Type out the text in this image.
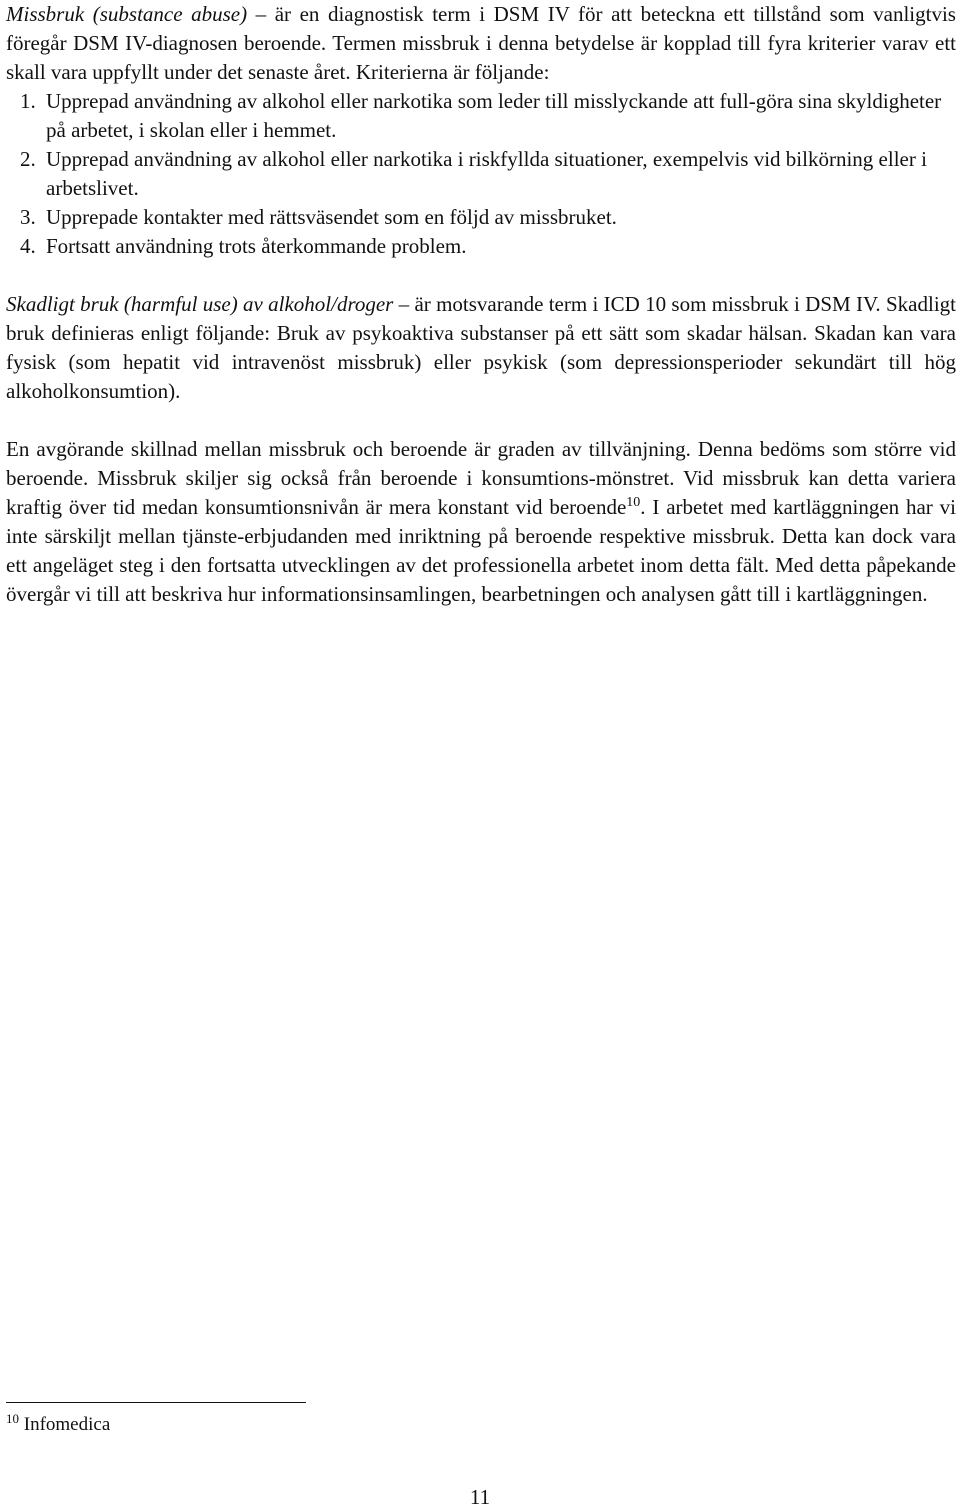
Missbruk (substance abuse) – är en diagnostisk term i DSM IV för att beteckna ett tillstånd som vanligtvis föregår DSM IV-diagnosen beroende. Termen missbruk i denna betydelse är kopplad till fyra kriterier varav ett skall vara uppfyllt under det senaste året. Kriterierna är följande:

1. Upprepad användning av alkohol eller narkotika som leder till misslyckande att full-göra sina skyldigheter på arbetet, i skolan eller i hemmet.
2. Upprepad användning av alkohol eller narkotika i riskfyllda situationer, exempelvis vid bilkörning eller i arbetslivet.
3. Upprepade kontakter med rättsväsendet som en följd av missbruket.
4. Fortsatt användning trots återkommande problem.

Skadligt bruk (harmful use) av alkohol/droger – är motsvarande term i ICD 10 som missbruk i DSM IV. Skadligt bruk definieras enligt följande: Bruk av psykoaktiva substanser på ett sätt som skadar hälsan. Skadan kan vara fysisk (som hepatit vid intravenöst missbruk) eller psykisk (som depressionsperioder sekundärt till hög alkoholkonsumtion).

En avgörande skillnad mellan missbruk och beroende är graden av tillvänjning. Denna bedöms som större vid beroende. Missbruk skiljer sig också från beroende i konsumtions-mönstret. Vid missbruk kan detta variera kraftig över tid medan konsumtionsnivån är mera konstant vid beroende$^{10}$. I arbetet med kartläggningen har vi inte särskiljt mellan tjänste-erbjudanden med inriktning på beroende respektive missbruk. Detta kan dock vara ett angeläget steg i den fortsatta utvecklingen av det professionella arbetet inom detta fält. Med detta påpekande övergår vi till att beskriva hur informationsinsamlingen, bearbetningen och analysen gått till i kartläggningen.

$^{10}$ Infomedica
11
